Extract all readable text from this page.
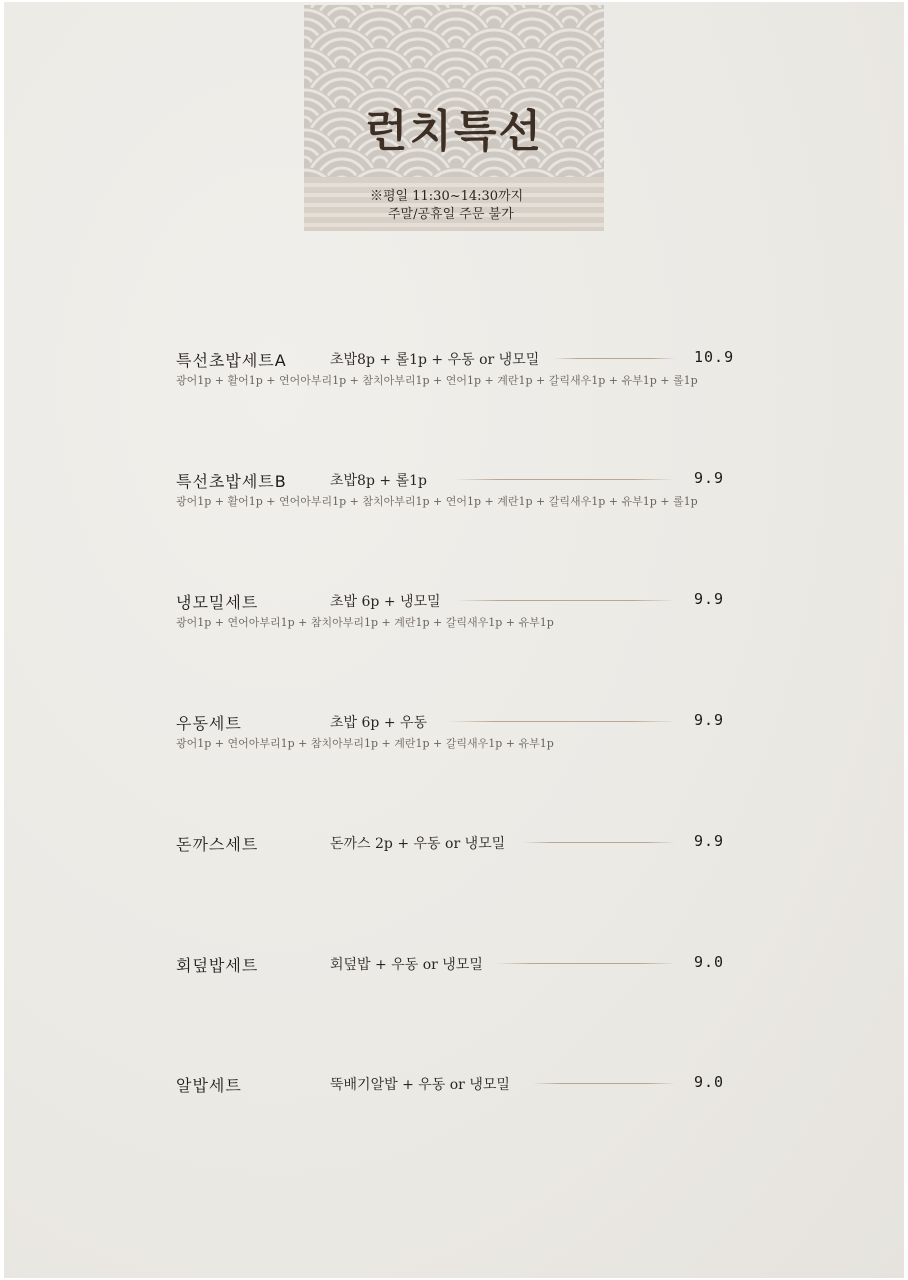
런치특선
※평일 11:30~14:30까지
주말/공휴일 주문 불가
특선초밥세트A	초밥8p + 롤1p + 우동 or 냉모밀	10.9
광어1p + 활어1p + 연어아부리1p + 참치아부리1p + 연어1p + 계란1p + 갈릭새우1p + 유부1p + 롤1p
특선초밥세트B	초밥8p + 롤1p	9.9
광어1p + 활어1p + 연어아부리1p + 참치아부리1p + 연어1p + 계란1p + 갈릭새우1p + 유부1p + 롤1p
냉모밀세트	초밥 6p + 냉모밀	9.9
광어1p + 연어아부리1p + 참치아부리1p + 계란1p + 갈릭새우1p + 유부1p
우동세트	초밥 6p + 우동	9.9
광어1p + 연어아부리1p + 참치아부리1p + 계란1p + 갈릭새우1p + 유부1p
돈까스세트	돈까스 2p + 우동 or 냉모밀	9.9
회덮밥세트	회덮밥 + 우동 or 냉모밀	9.0
알밥세트	뚝배기알밥 + 우동 or 냉모밀	9.0
